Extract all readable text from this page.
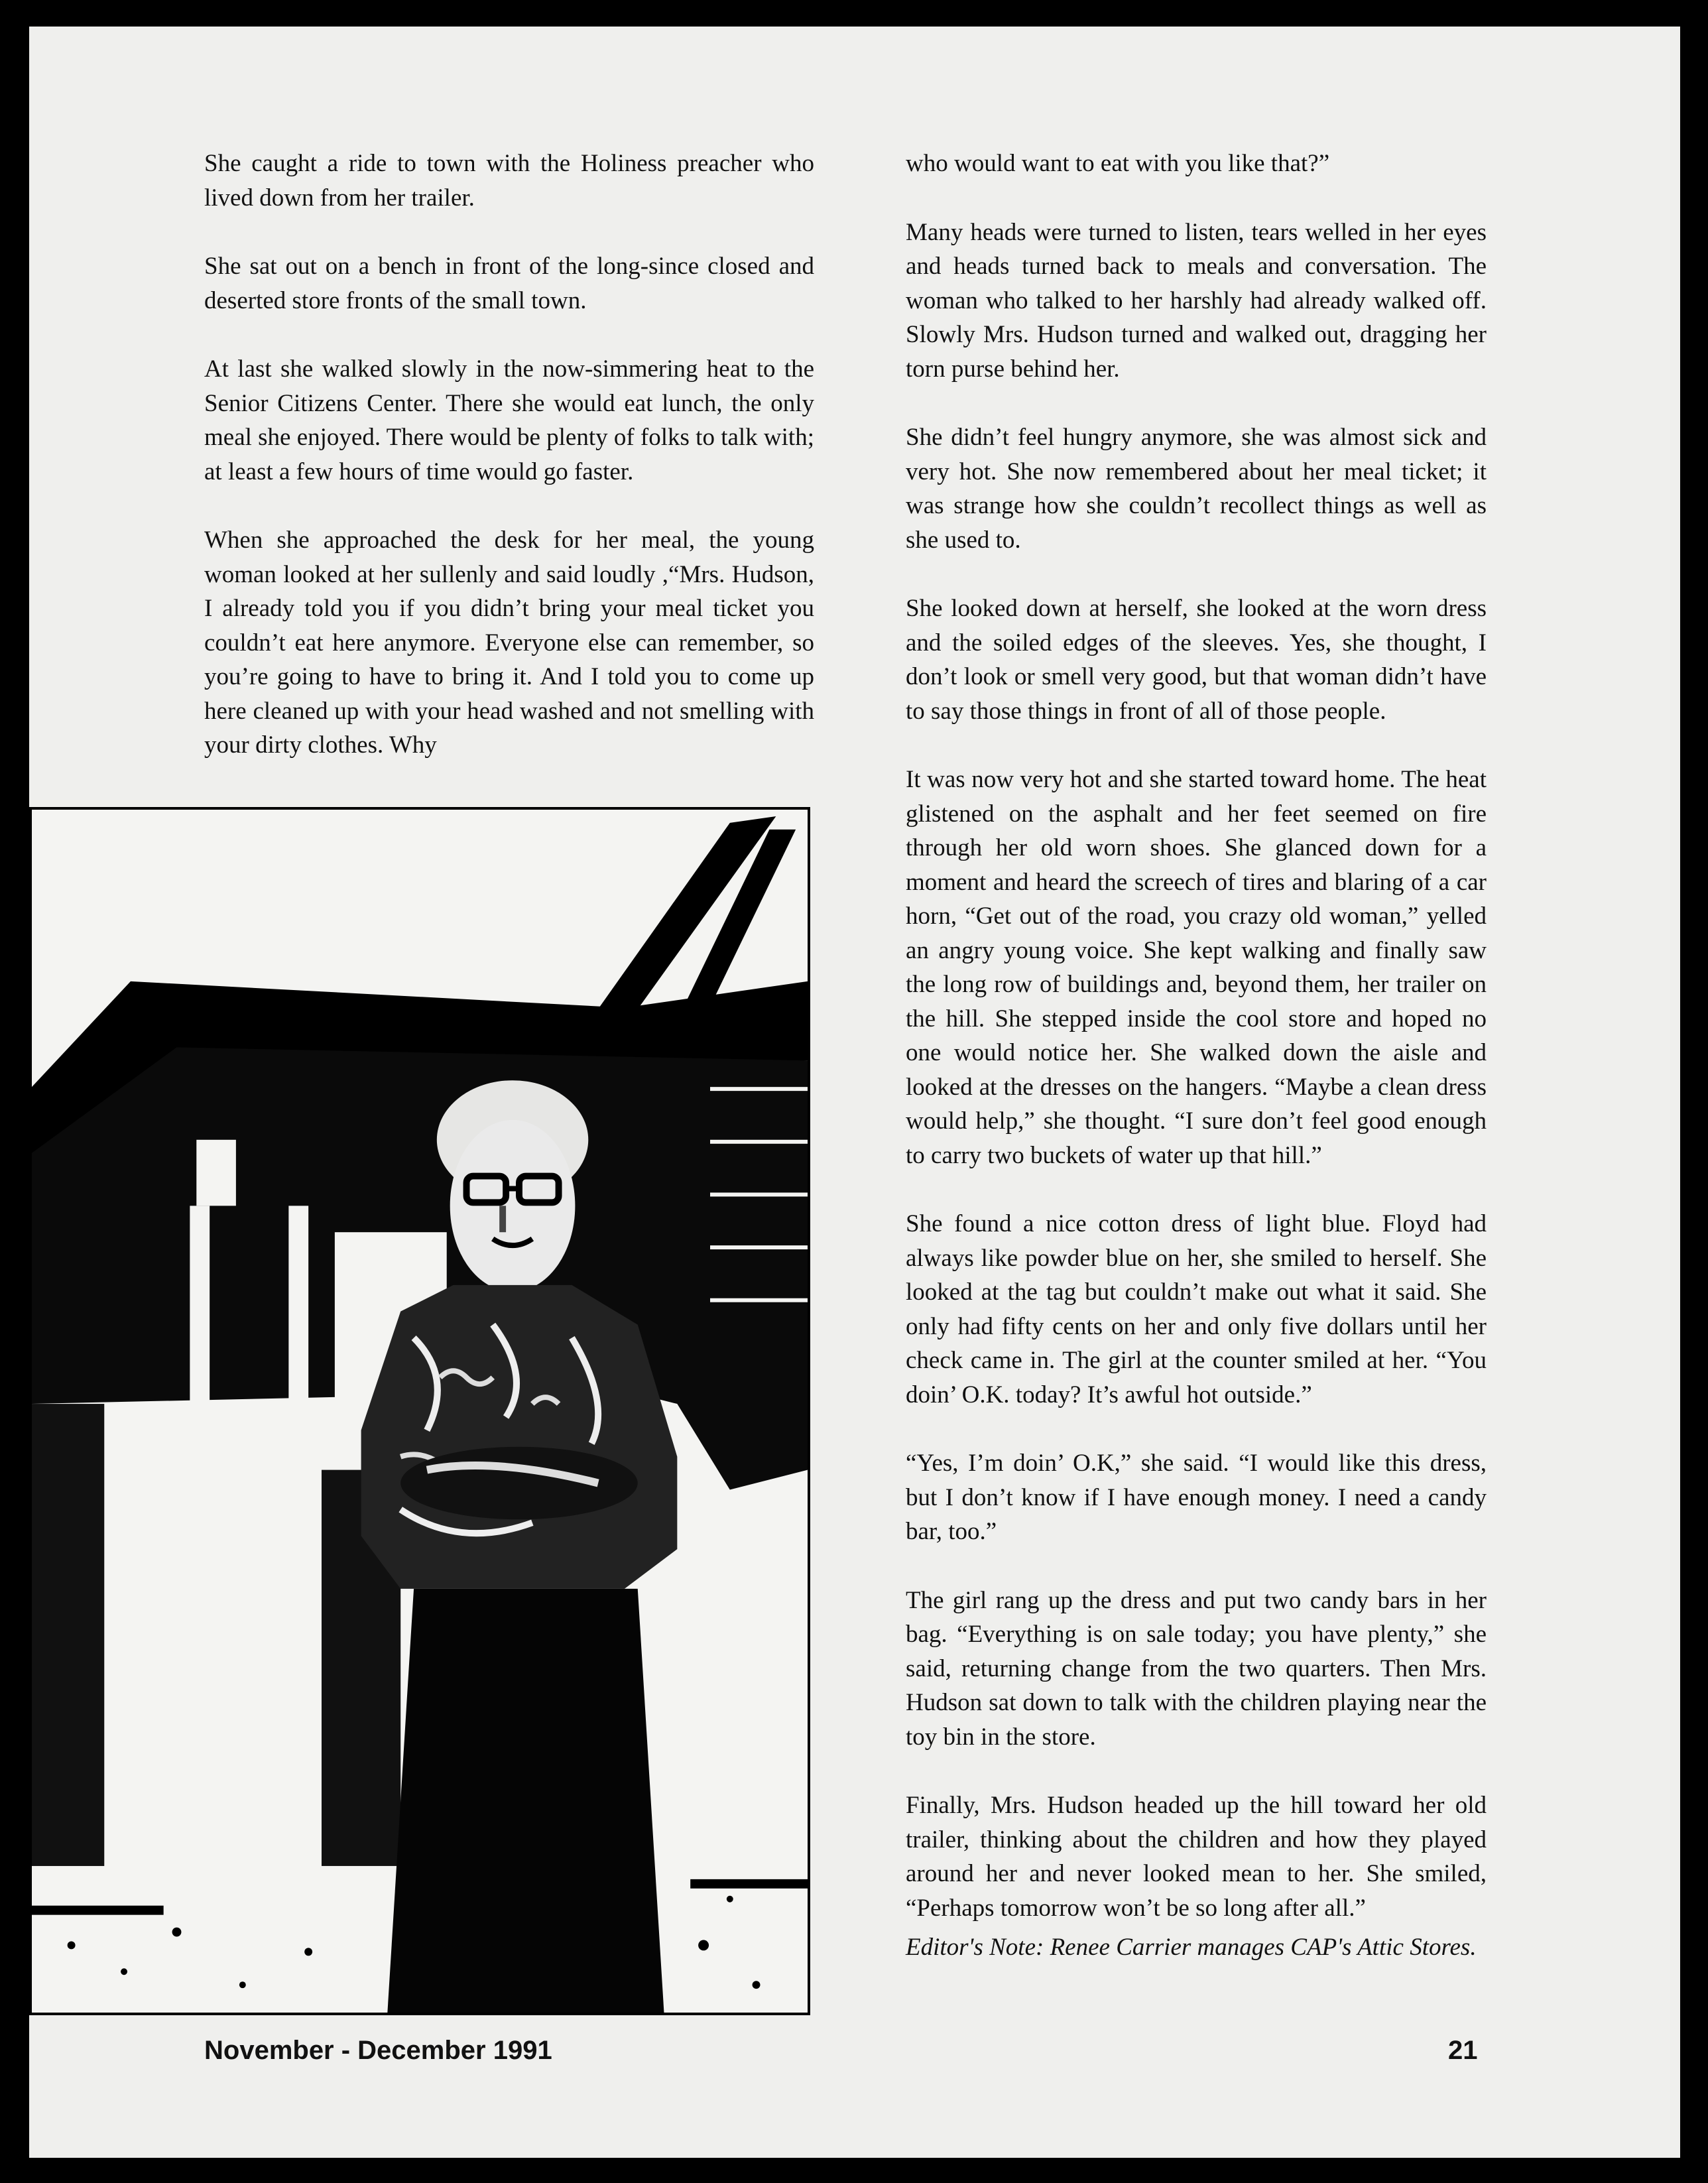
She caught a ride to town with the Holiness preacher who lived down from her trailer.

She sat out on a bench in front of the long-since closed and deserted store fronts of the small town.

At last she walked slowly in the now-simmering heat to the Senior Citizens Center. There she would eat lunch, the only meal she enjoyed. There would be plenty of folks to talk with; at least a few hours of time would go faster.

When she approached the desk for her meal, the young woman looked at her sullenly and said loudly ,“Mrs. Hudson, I already told you if you didn’t bring your meal ticket you couldn’t eat here anymore. Everyone else can remember, so you’re going to have to bring it. And I told you to come up here cleaned up with your head washed and not smelling with your dirty clothes. Why

who would want to eat with you like that?”

Many heads were turned to listen, tears welled in her eyes and heads turned back to meals and conversation. The woman who talked to her harshly had already walked off. Slowly Mrs. Hudson turned and walked out, dragging her torn purse behind her.

She didn’t feel hungry anymore, she was almost sick and very hot. She now remembered about her meal ticket; it was strange how she couldn’t recollect things as well as she used to.

She looked down at herself, she looked at the worn dress and the soiled edges of the sleeves. Yes, she thought, I don’t look or smell very good, but that woman didn’t have to say those things in front of all of those people.

It was now very hot and she started toward home. The heat glistened on the asphalt and her feet seemed on fire through her old worn shoes. She glanced down for a moment and heard the screech of tires and blaring of a car horn, “Get out of the road, you crazy old woman,” yelled an angry young voice. She kept walking and finally saw the long row of buildings and, beyond them, her trailer on the hill. She stepped inside the cool store and hoped no one would notice her. She walked down the aisle and looked at the dresses on the hangers. “Maybe a clean dress would help,” she thought. “I sure don’t feel good enough to carry two buckets of water up that hill.”

She found a nice cotton dress of light blue. Floyd had always like powder blue on her, she smiled to herself. She looked at the tag but couldn’t make out what it said. She only had fifty cents on her and only five dollars until her check came in. The girl at the counter smiled at her. “You doin’ O.K. today? It’s awful hot outside.”

“Yes, I’m doin’ O.K,” she said. “I would like this dress, but I don’t know if I have enough money. I need a candy bar, too.”

The girl rang up the dress and put two candy bars in her bag. “Everything is on sale today; you have plenty,” she said, returning change from the two quarters. Then Mrs. Hudson sat down to talk with the children playing near the toy bin in the store.

Finally, Mrs. Hudson headed up the hill toward her old trailer, thinking about the children and how they played around her and never looked mean to her. She smiled, “Perhaps tomorrow won’t be so long after all.”

Editor's Note: Renee Carrier manages CAP's Attic Stores.

November - December 1991	21
